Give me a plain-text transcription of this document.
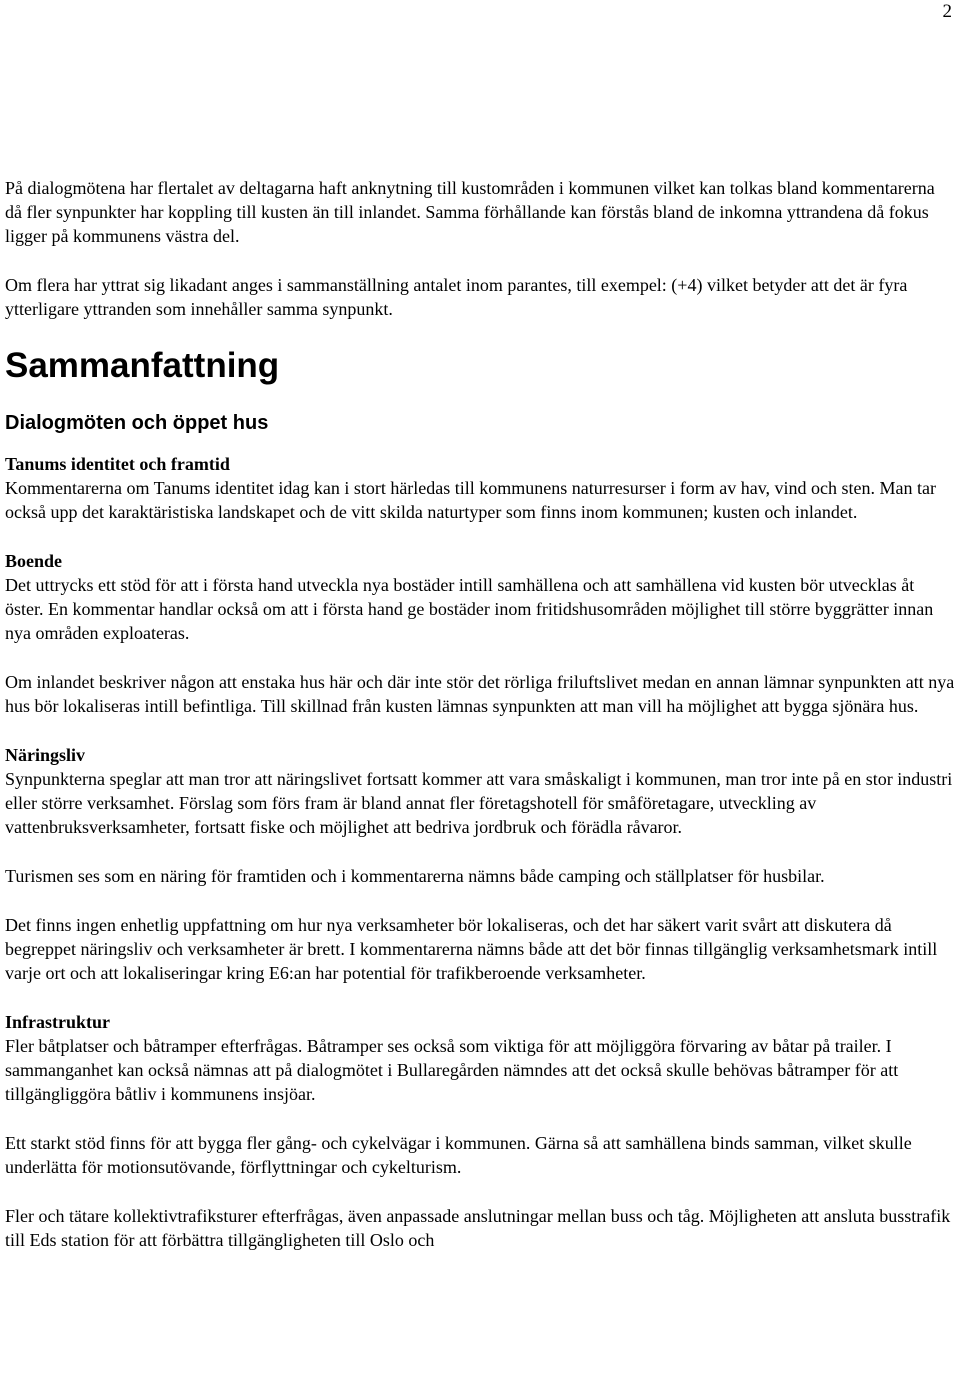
2

På dialogmötena har flertalet av deltagarna haft anknytning till kustområden i kommunen vilket kan tolkas bland kommentarerna då fler synpunkter har koppling till kusten än till inlandet. Samma förhållande kan förstås bland de inkomna yttrandena då fokus ligger på kommunens västra del.

Om flera har yttrat sig likadant anges i sammanställning antalet inom parantes, till exempel: (+4) vilket betyder att det är fyra ytterligare yttranden som innehåller samma synpunkt.

Sammanfattning
Dialogmöten och öppet hus
Tanums identitet och framtid

Kommentarerna om Tanums identitet idag kan i stort härledas till kommunens naturresurser i form av hav, vind och sten. Man tar också upp det karaktäristiska landskapet och de vitt skilda naturtyper som finns inom kommunen; kusten och inlandet.

Boende

Det uttrycks ett stöd för att i första hand utveckla nya bostäder intill samhällena och att samhällena vid kusten bör utvecklas åt öster. En kommentar handlar också om att i första hand ge bostäder inom fritidshusområden möjlighet till större byggrätter innan nya områden exploateras.

Om inlandet beskriver någon att enstaka hus här och där inte stör det rörliga friluftslivet medan en annan lämnar synpunkten att nya hus bör lokaliseras intill befintliga. Till skillnad från kusten lämnas synpunkten att man vill ha möjlighet att bygga sjönära hus.

Näringsliv

Synpunkterna speglar att man tror att näringslivet fortsatt kommer att vara småskaligt i kommunen, man tror inte på en stor industri eller större verksamhet. Förslag som förs fram är bland annat fler företagshotell för småföretagare, utveckling av vattenbruksverksamheter, fortsatt fiske och möjlighet att bedriva jordbruk och förädla råvaror.

Turismen ses som en näring för framtiden och i kommentarerna nämns både camping och ställplatser för husbilar.

Det finns ingen enhetlig uppfattning om hur nya verksamheter bör lokaliseras, och det har säkert varit svårt att diskutera då begreppet näringsliv och verksamheter är brett. I kommentarerna nämns både att det bör finnas tillgänglig verksamhetsmark intill varje ort och att lokaliseringar kring E6:an har potential för trafikberoende verksamheter.

Infrastruktur

Fler båtplatser och båtramper efterfrågas. Båtramper ses också som viktiga för att möjliggöra förvaring av båtar på trailer. I sammanganhet kan också nämnas att på dialogmötet i Bullaregården nämndes att det också skulle behövas båtramper för att tillgängliggöra båtliv i kommunens insjöar.

Ett starkt stöd finns för att bygga fler gång- och cykelvägar i kommunen. Gärna så att samhällena binds samman, vilket skulle underlätta för motionsutövande, förflyttningar och cykelturism.

Fler och tätare kollektivtrafiksturer efterfrågas, även anpassade anslutningar mellan buss och tåg. Möjligheten att ansluta busstrafik till Eds station för att förbättra tillgängligheten till Oslo och
